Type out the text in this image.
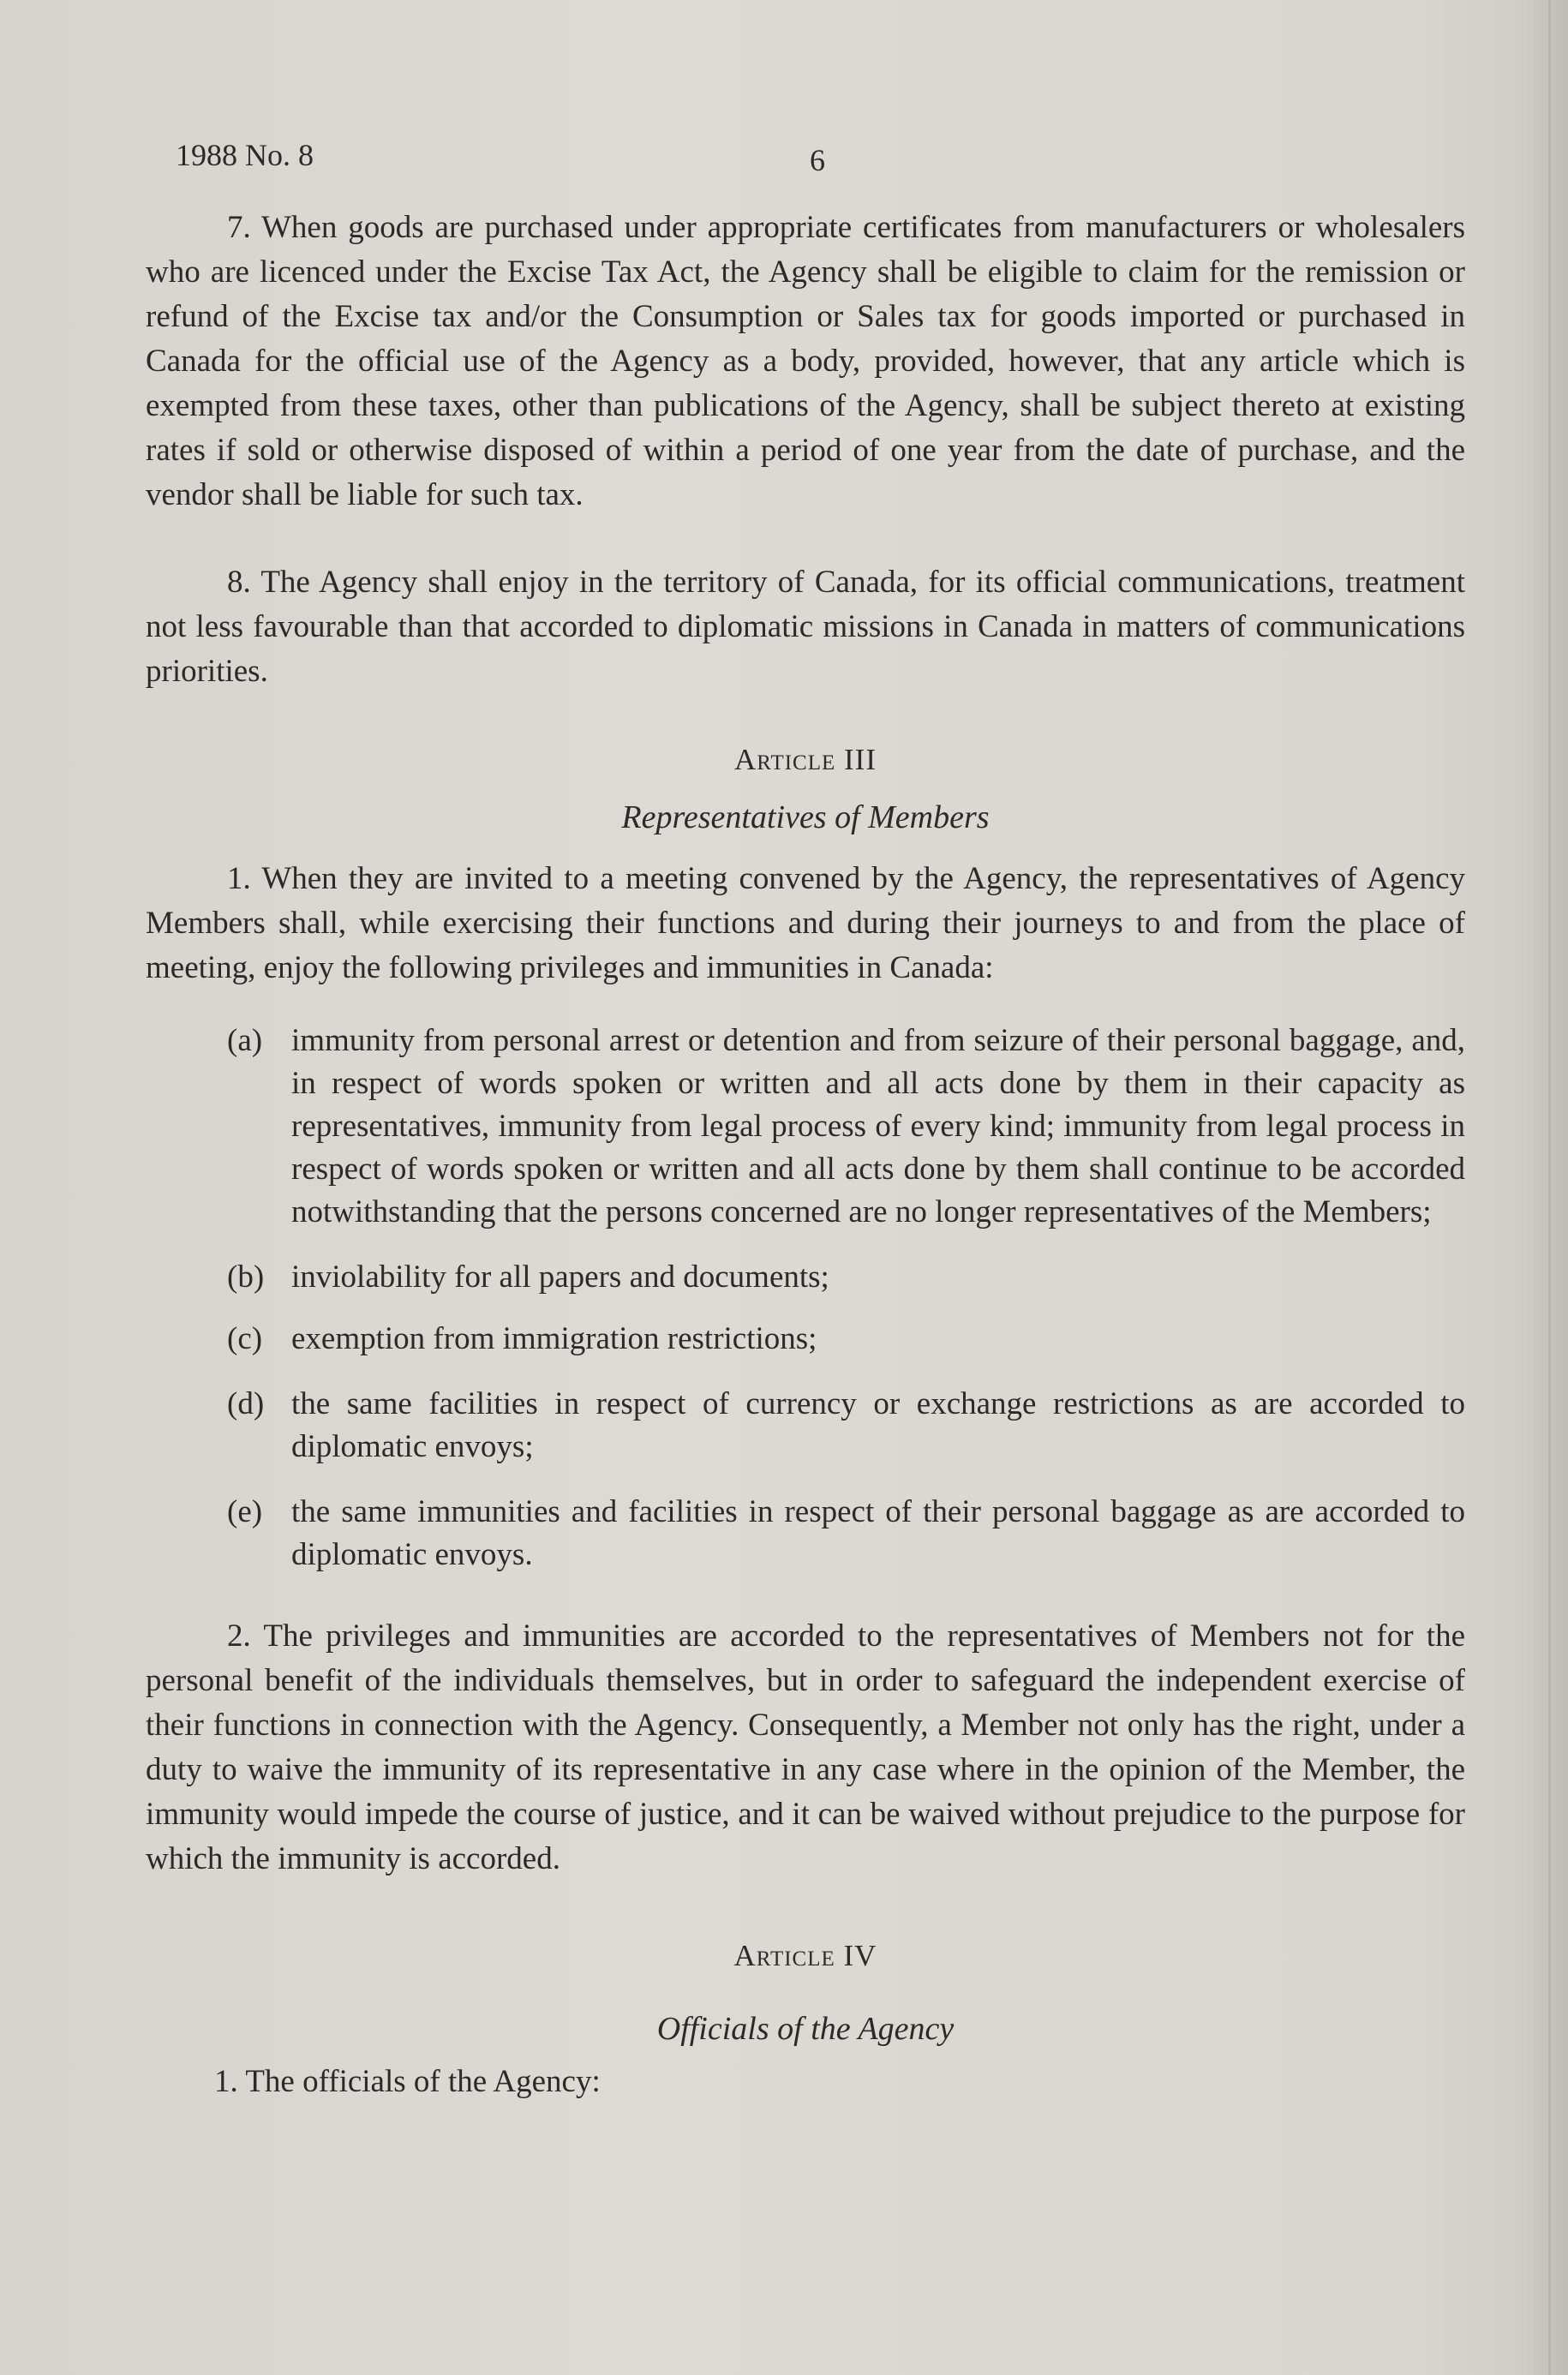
1988 No. 8	6

7. When goods are purchased under appropriate certificates from manufacturers or wholesalers who are licenced under the Excise Tax Act, the Agency shall be eligible to claim for the remission or refund of the Excise tax and/or the Consumption or Sales tax for goods imported or purchased in Canada for the official use of the Agency as a body, provided, however, that any article which is exempted from these taxes, other than publications of the Agency, shall be subject thereto at existing rates if sold or otherwise disposed of within a period of one year from the date of purchase, and the vendor shall be liable for such tax.

8. The Agency shall enjoy in the territory of Canada, for its official communications, treatment not less favourable than that accorded to diplomatic missions in Canada in matters of communications priorities.

Article III

Representatives of Members

1. When they are invited to a meeting convened by the Agency, the representatives of Agency Members shall, while exercising their functions and during their journeys to and from the place of meeting, enjoy the following privileges and immunities in Canada:

(a) immunity from personal arrest or detention and from seizure of their personal baggage, and, in respect of words spoken or written and all acts done by them in their capacity as representatives, immunity from legal process of every kind; immunity from legal process in respect of words spoken or written and all acts done by them shall continue to be accorded notwithstanding that the persons concerned are no longer representatives of the Members;
(b) inviolability for all papers and documents;
(c) exemption from immigration restrictions;
(d) the same facilities in respect of currency or exchange restrictions as are accorded to diplomatic envoys;
(e) the same immunities and facilities in respect of their personal baggage as are accorded to diplomatic envoys.

2. The privileges and immunities are accorded to the representatives of Members not for the personal benefit of the individuals themselves, but in order to safeguard the independent exercise of their functions in connection with the Agency. Consequently, a Member not only has the right, under a duty to waive the immunity of its representative in any case where in the opinion of the Member, the immunity would impede the course of justice, and it can be waived without prejudice to the purpose for which the immunity is accorded.

Article IV

Officials of the Agency

1. The officials of the Agency:
